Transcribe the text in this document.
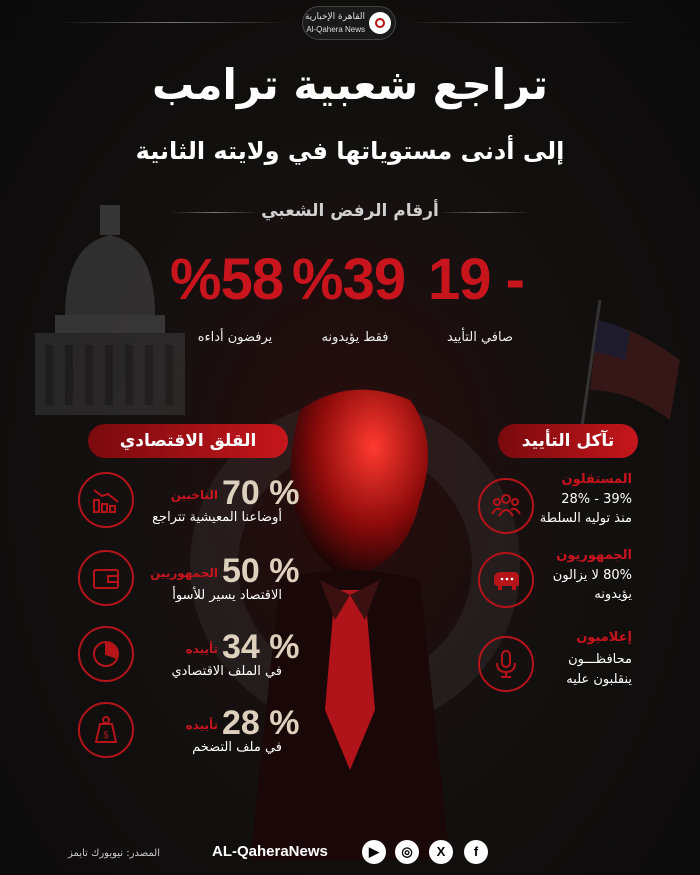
القاهرة الإخبارية
Al-Qahera News
تراجع شعبية ترامب
إلى أدنى مستوياتها في ولايته الثانية
أرقام الرفض الشعبي
19 -
صافي التأييد
%39
فقط يؤيدونه
%58
يرفضون أداءه
القلق الاقتصادي
70 %
الناخبين
أوضاعنا المعيشية تتراجع
50 %
الجمهوريين
الاقتصاد يسير للأسوأ
34 %
تأييده
في الملف الاقتصادي
$	28 %
تأييده
في ملف التضخم
تآكل التأييد
المستقلون
39% - 28%
منذ توليه السلطة
الجمهوريون
80% لا يزالون
يؤيدونه
إعلاميون
محافظـــون
ينقلبون عليه
AL-QaheraNews	▶	◎	X	f
المصدر: نيويورك تايمز
